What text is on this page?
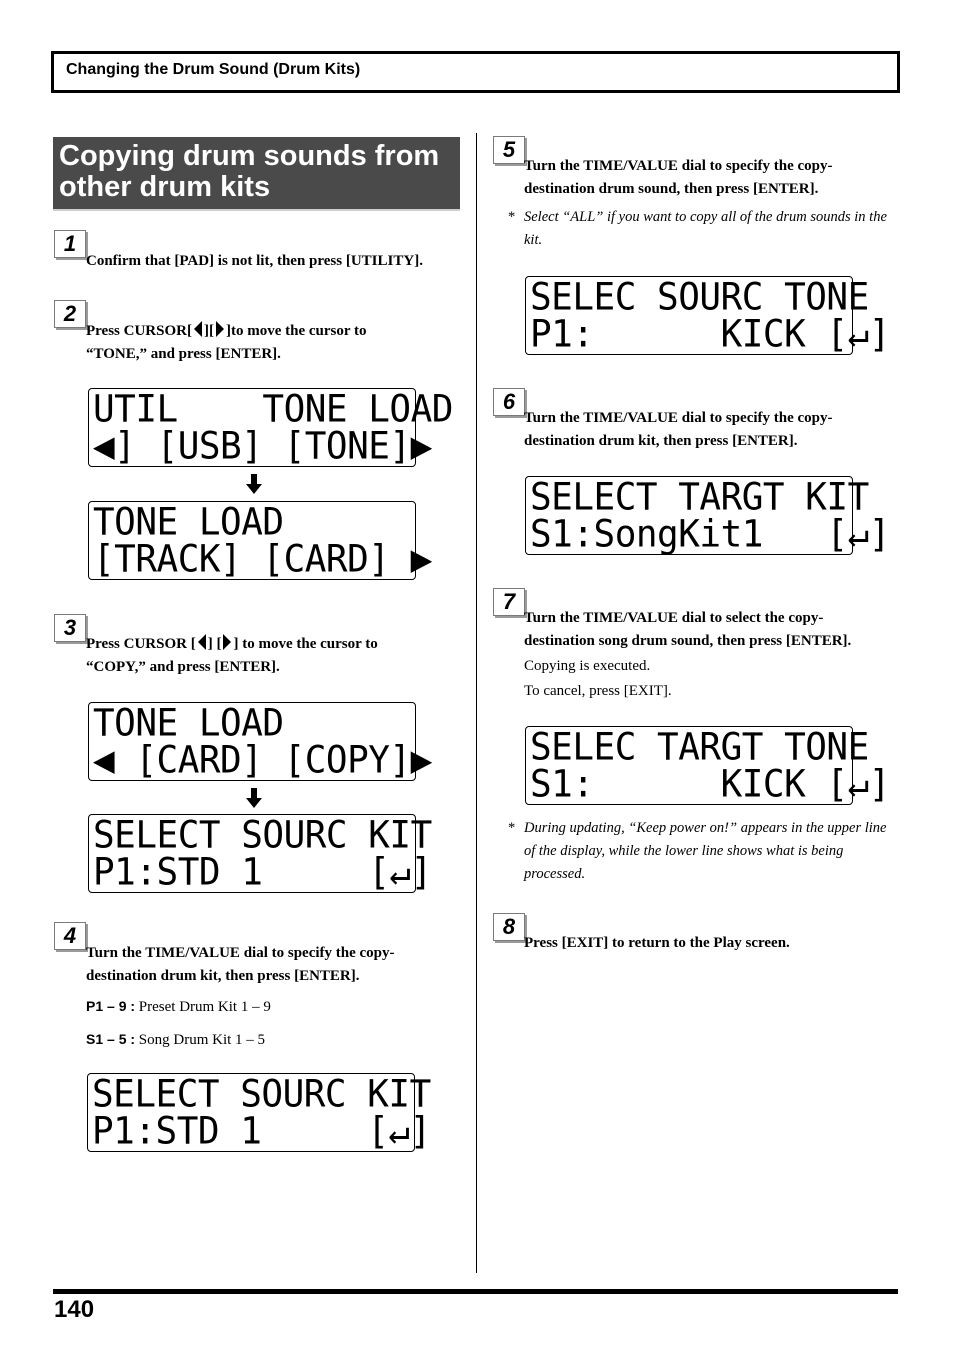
Changing the Drum Sound (Drum Kits)
Copying drum sounds from other drum kits
1
Confirm that [PAD] is not lit, then press [UTILITY].
2
Press CURSOR[ ][ ]to move the cursor to
“TONE,” and press [ENTER].
UTIL    TONE LOAD
◀] [USB] [TONE]▶
TONE LOAD
[TRACK] [CARD] ▶
3
Press CURSOR [ ] [ ] to move the cursor to
“COPY,” and press [ENTER].
TONE LOAD
◀ [CARD] [COPY]▶
SELECT SOURC KIT
P1:STD 1     [↵]
4
Turn the TIME/VALUE dial to specify the copy-destination drum kit, then press [ENTER].
P1 – 9 : Preset Drum Kit 1 – 9
S1 – 5 : Song Drum Kit 1 – 5
SELECT SOURC KIT
P1:STD 1     [↵]
5
Turn the TIME/VALUE dial to specify the copy-destination drum sound, then press [ENTER].
* Select “ALL” if you want to copy all of the drum sounds in the kit.
SELEC SOURC TONE
P1:      KICK [↵]
6
Turn the TIME/VALUE dial to specify the copy-destination drum kit, then press [ENTER].
SELECT TARGT KIT
S1:SongKit1   [↵]
7
Turn the TIME/VALUE dial to select the copy-destination song drum sound, then press [ENTER].
Copying is executed.
To cancel, press [EXIT].
SELEC TARGT TONE
S1:      KICK [↵]
* During updating, “Keep power on!” appears in the upper line of the display, while the lower line shows what is being processed.
8
Press [EXIT] to return to the Play screen.
140
